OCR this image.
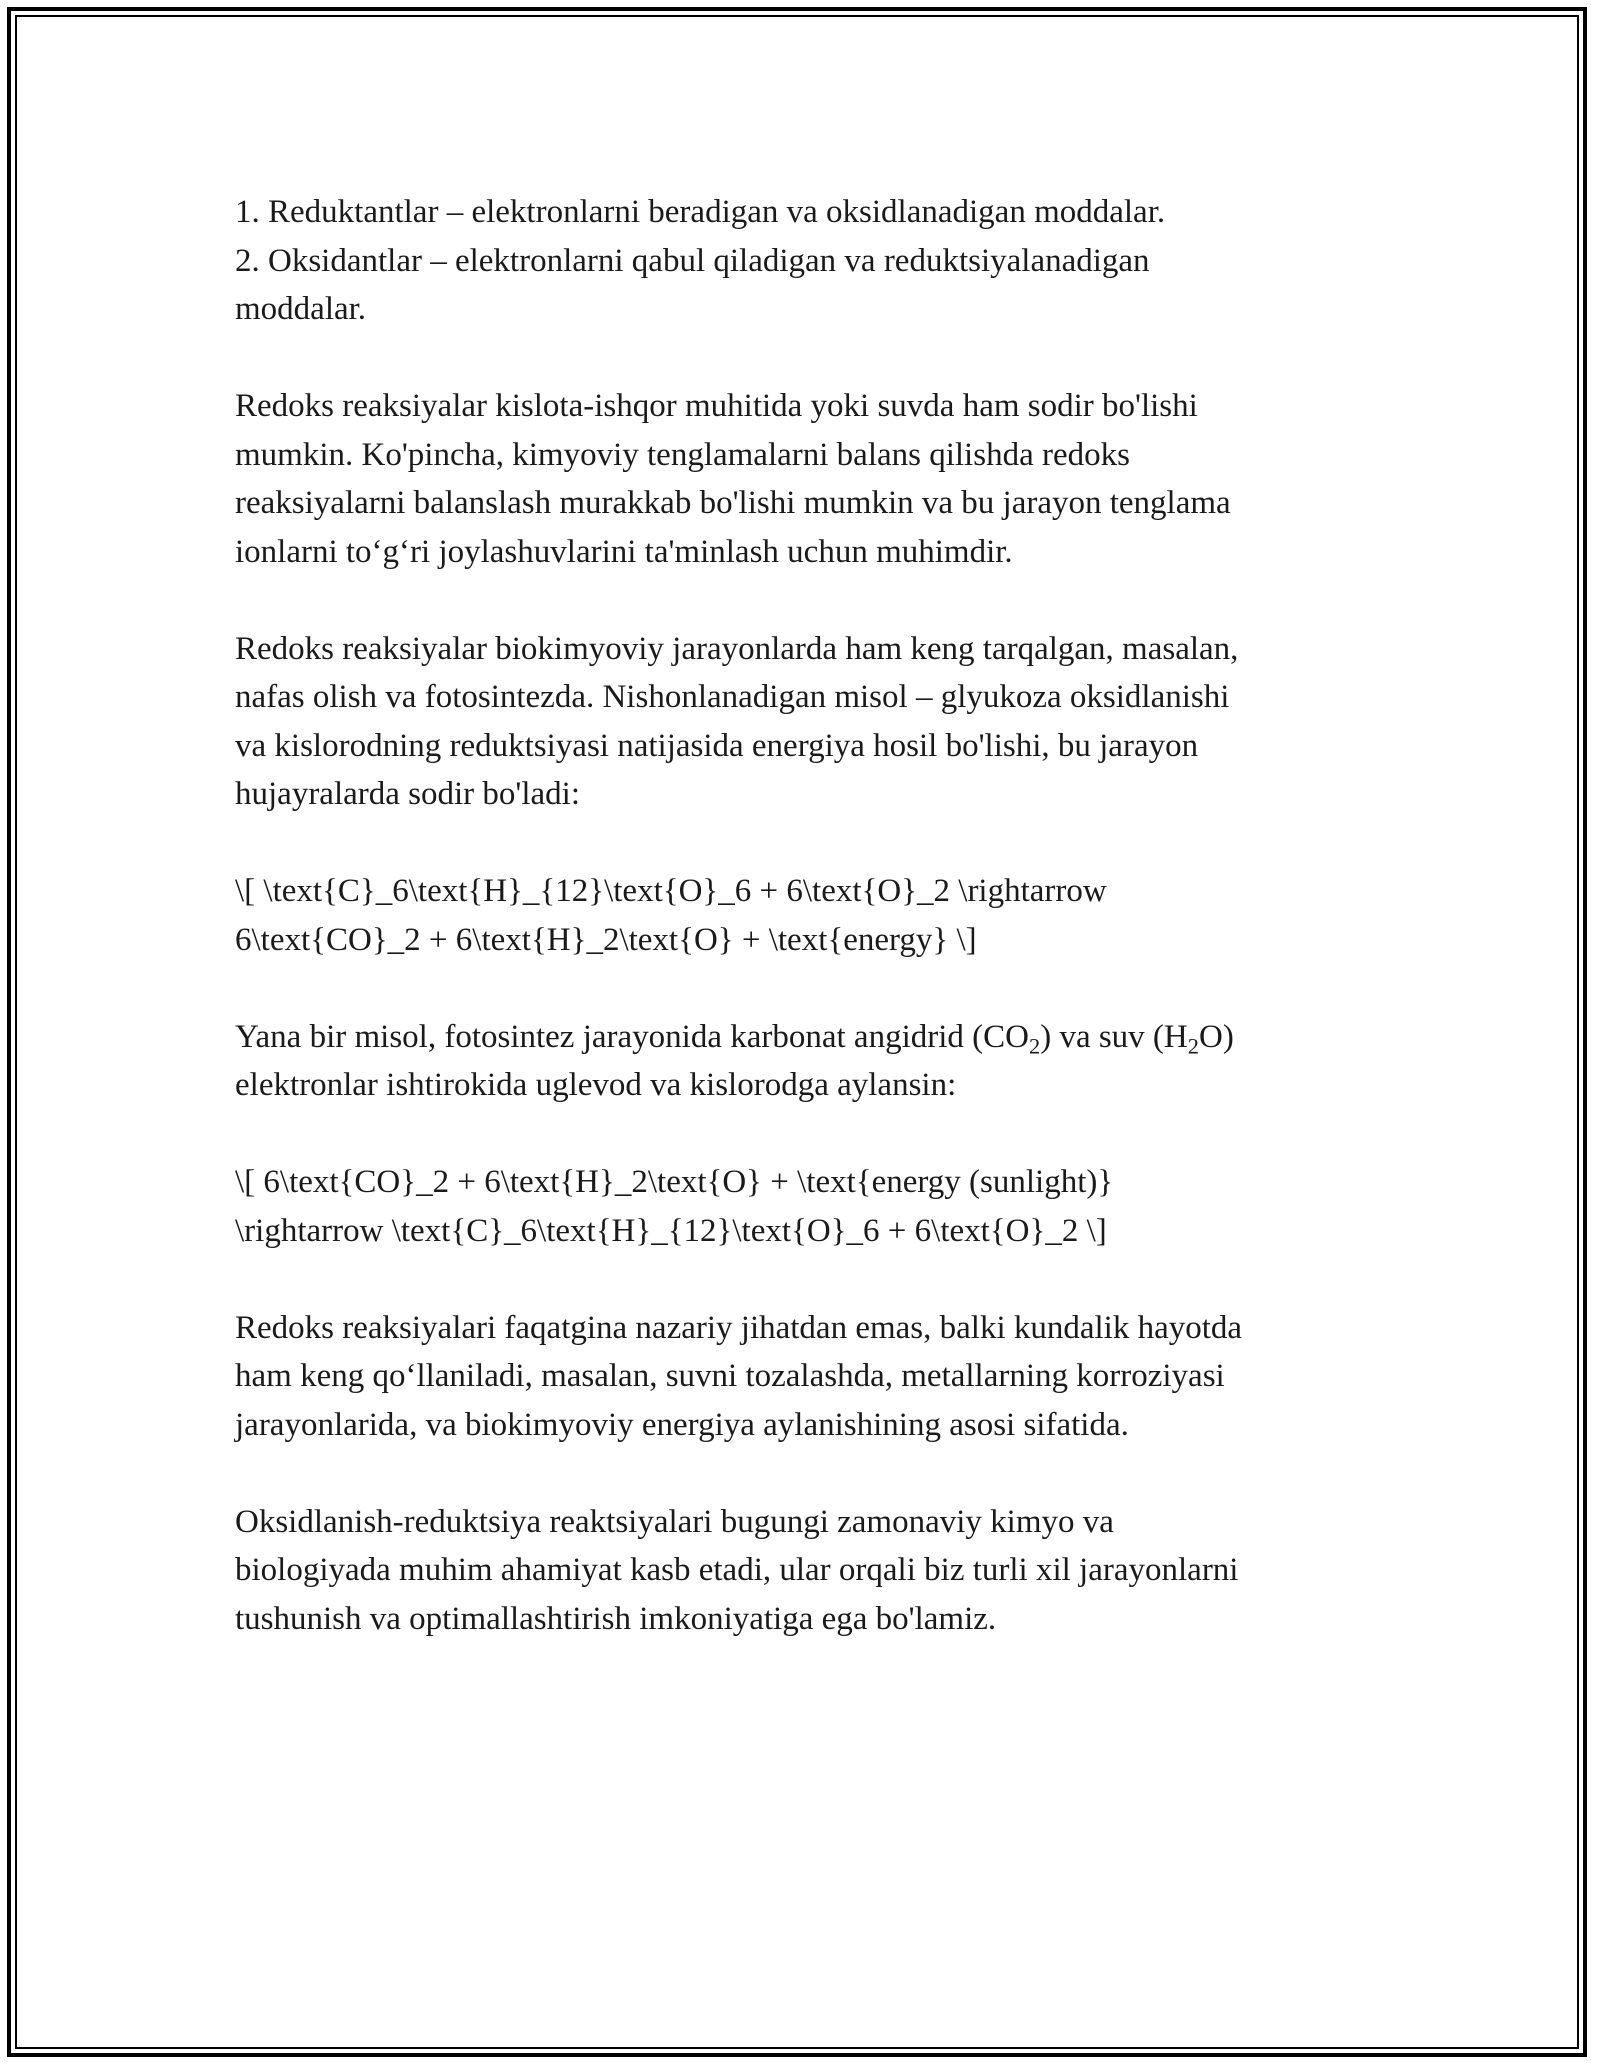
1. Reduktantlar – elektronlarni beradigan va oksidlanadigan moddalar.
2. Oksidantlar – elektronlarni qabul qiladigan va reduktsiyalanadigan
moddalar.

Redoks reaksiyalar kislota-ishqor muhitida yoki suvda ham sodir bo'lishi
mumkin. Ko'pincha, kimyoviy tenglamalarni balans qilishda redoks
reaksiyalarni balanslash murakkab bo'lishi mumkin va bu jarayon tenglama
ionlarni to‘g‘ri joylashuvlarini ta'minlash uchun muhimdir.

Redoks reaksiyalar biokimyoviy jarayonlarda ham keng tarqalgan, masalan,
nafas olish va fotosintezda. Nishonlanadigan misol – glyukoza oksidlanishi
va kislorodning reduktsiyasi natijasida energiya hosil bo'lishi, bu jarayon
hujayralarda sodir bo'ladi:

\[ \text{C}_6\text{H}_{12}\text{O}_6 + 6\text{O}_2 \rightarrow
6\text{CO}_2 + 6\text{H}_2\text{O} + \text{energy} \]

Yana bir misol, fotosintez jarayonida karbonat angidrid $(CO_2)$ va suv $(H_2O)$
elektronlar ishtirokida uglevod va kislorodga aylansin:

\[ 6\text{CO}_2 + 6\text{H}_2\text{O} + \text{energy (sunlight)}
\rightarrow \text{C}_6\text{H}_{12}\text{O}_6 + 6\text{O}_2 \]

Redoks reaksiyalari faqatgina nazariy jihatdan emas, balki kundalik hayotda
ham keng qo‘llaniladi, masalan, suvni tozalashda, metallarning korroziyasi
jarayonlarida, va biokimyoviy energiya aylanishining asosi sifatida.

Oksidlanish-reduktsiya reaktsiyalari bugungi zamonaviy kimyo va
biologiyada muhim ahamiyat kasb etadi, ular orqali biz turli xil jarayonlarni
tushunish va optimallashtirish imkoniyatiga ega bo'lamiz.
